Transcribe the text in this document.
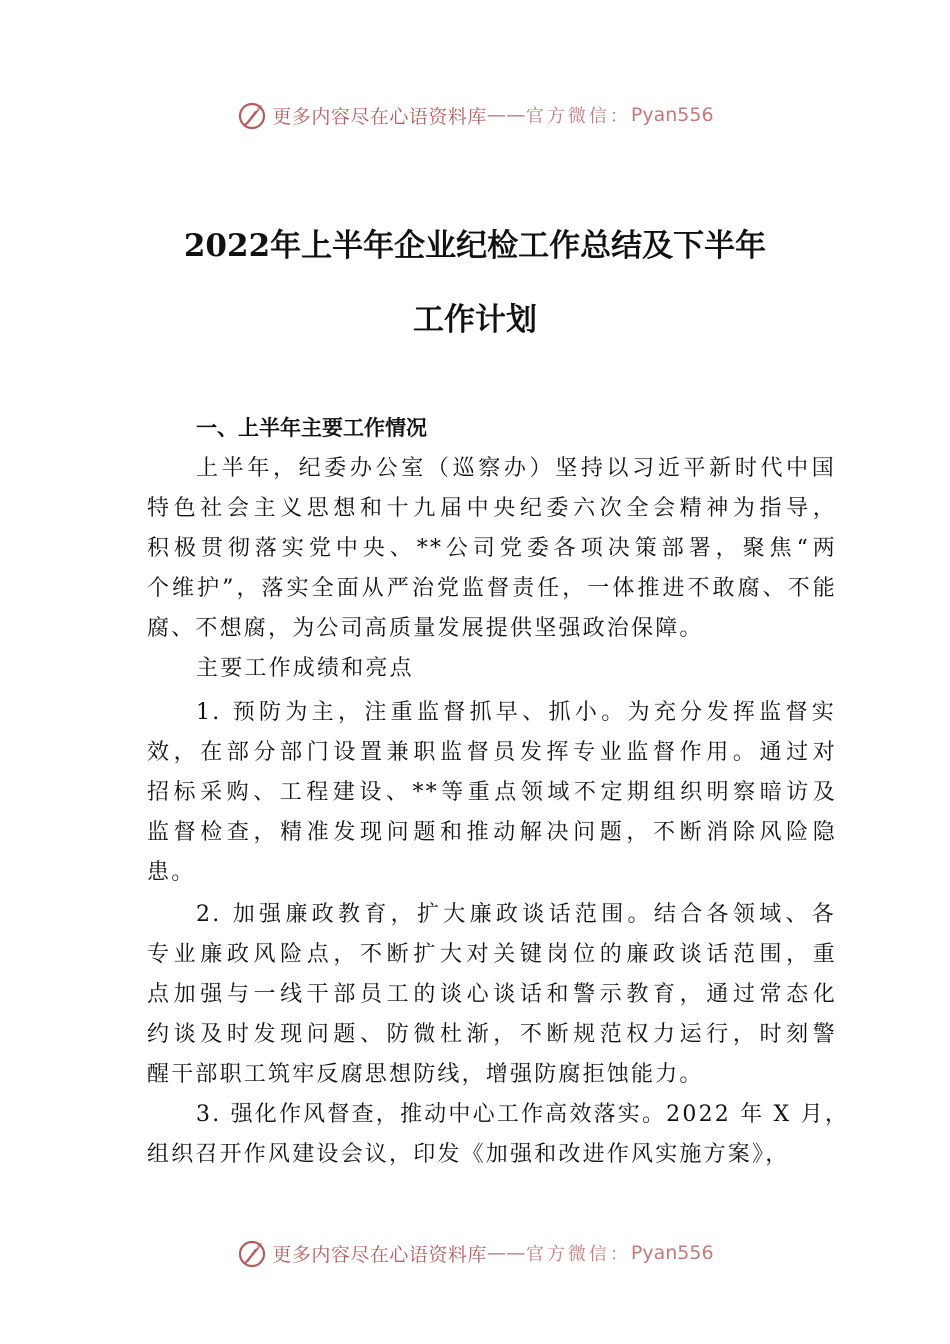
更多内容尽在心语资料库 —— 官方微信： Pyan556
2022年上半年企业纪检工作总结及下半年
工作计划
一、上半年主要工作情况
上半年，纪委办公室（巡察办）坚持以习近平新时代中国
特色社会主义思想和十九届中央纪委六次全会精神为指导，
积极贯彻落实党中央、**公司党委各项决策部署，聚焦“两
个维护”，落实全面从严治党监督责任，一体推进不敢腐、不能
腐、不想腐，为公司高质量发展提供坚强政治保障。
主要工作成绩和亮点
1. 预防为主，注重监督抓早、抓小。为充分发挥监督实
效，在部分部门设置兼职监督员发挥专业监督作用。通过对
招标采购、工程建设、**等重点领域不定期组织明察暗访及
监督检查，精准发现问题和推动解决问题，不断消除风险隐
患。
2. 加强廉政教育，扩大廉政谈话范围。结合各领域、各
专业廉政风险点，不断扩大对关键岗位的廉政谈话范围，重
点加强与一线干部员工的谈心谈话和警示教育，通过常态化
约谈及时发现问题、防微杜渐，不断规范权力运行，时刻警
醒干部职工筑牢反腐思想防线，增强防腐拒蚀能力。
3. 强化作风督查，推动中心工作高效落实。2022 年 X 月，
组织召开作风建设会议，印发《加强和改进作风实施方案》，
更多内容尽在心语资料库 —— 官方微信： Pyan556
